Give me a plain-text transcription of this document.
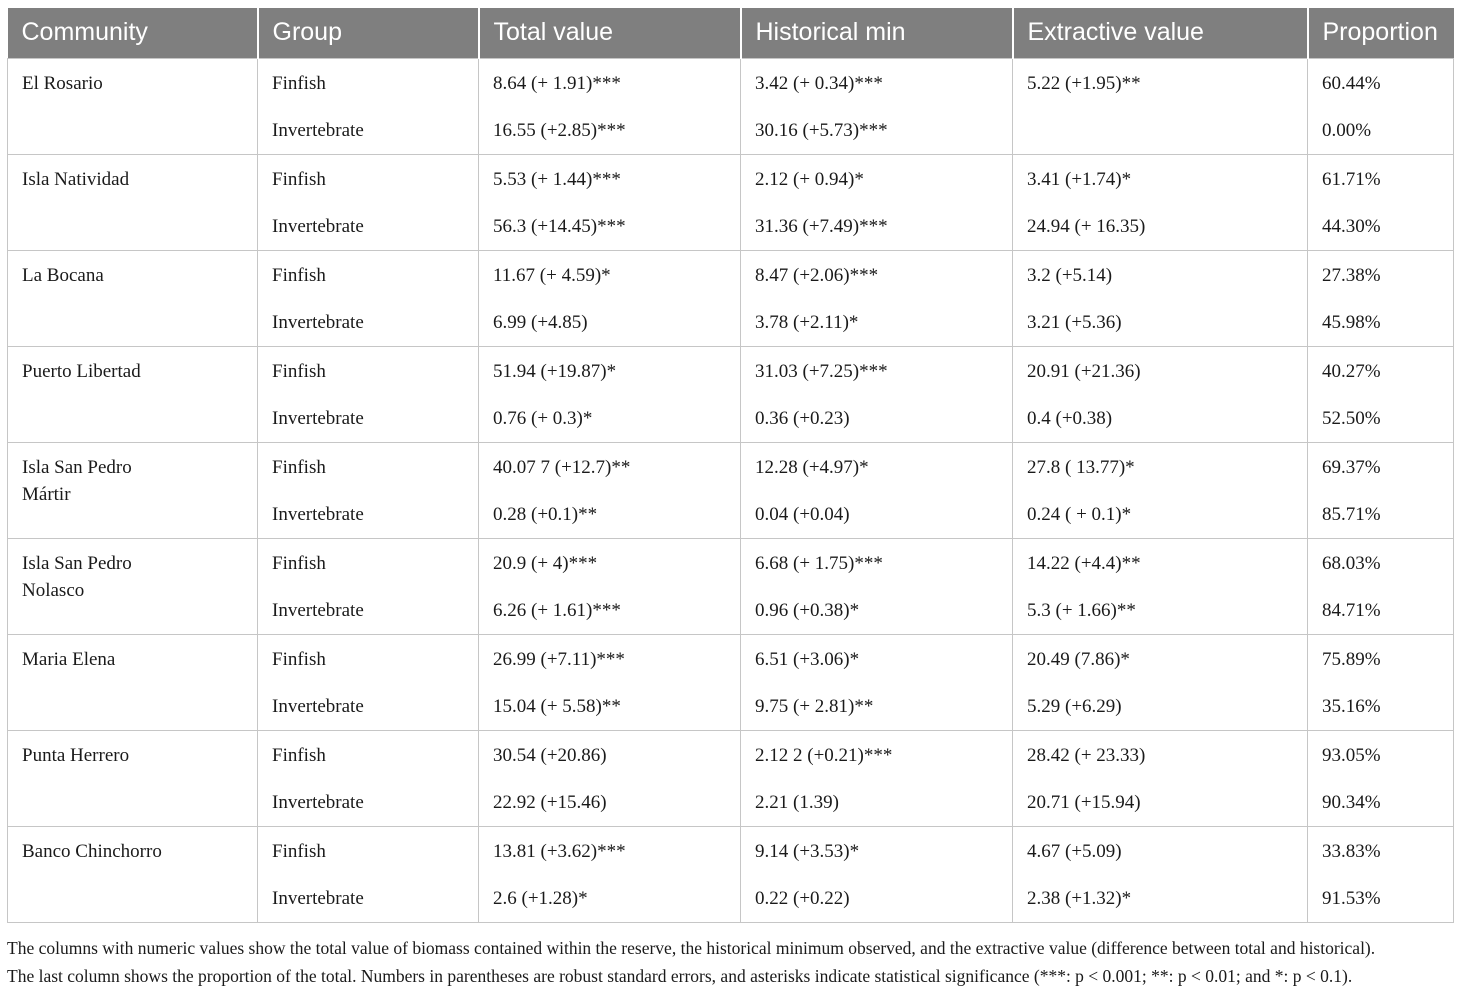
Community	Group	Total value	Historical min	Extractive value	Proportion

El Rosario	Finfish	8.64 (+ 1.91)***	3.42 (+ 0.34)***	5.22 (+1.95)**	60.44%

	Invertebrate	16.55 (+2.85)***	30.16 (+5.73)***		0.00%

Isla Natividad	Finfish	5.53 (+ 1.44)***	2.12 (+ 0.94)*	3.41 (+1.74)*	61.71%

	Invertebrate	56.3 (+14.45)***	31.36 (+7.49)***	24.94 (+ 16.35)	44.30%

La Bocana	Finfish	11.67 (+ 4.59)*	8.47 (+2.06)***	3.2 (+5.14)	27.38%

	Invertebrate	6.99 (+4.85)	3.78 (+2.11)*	3.21 (+5.36)	45.98%

Puerto Libertad	Finfish	51.94 (+19.87)*	31.03 (+7.25)***	20.91 (+21.36)	40.27%

	Invertebrate	0.76 (+ 0.3)*	0.36 (+0.23)	0.4 (+0.38)	52.50%

Isla San Pedro Mártir	Finfish	40.07 7 (+12.7)**	12.28 (+4.97)*	27.8 ( 13.77)*	69.37%

	Invertebrate	0.28 (+0.1)**	0.04 (+0.04)	0.24 ( + 0.1)*	85.71%

Isla San Pedro Nolasco	Finfish	20.9 (+ 4)***	6.68 (+ 1.75)***	14.22 (+4.4)**	68.03%

	Invertebrate	6.26 (+ 1.61)***	0.96 (+0.38)*	5.3 (+ 1.66)**	84.71%

Maria Elena	Finfish	26.99 (+7.11)***	6.51 (+3.06)*	20.49 (7.86)*	75.89%

	Invertebrate	15.04 (+ 5.58)**	9.75 (+ 2.81)**	5.29 (+6.29)	35.16%

Punta Herrero	Finfish	30.54 (+20.86)	2.12 2 (+0.21)***	28.42 (+ 23.33)	93.05%

	Invertebrate	22.92 (+15.46)	2.21 (1.39)	20.71 (+15.94)	90.34%

Banco Chinchorro	Finfish	13.81 (+3.62)***	9.14 (+3.53)*	4.67 (+5.09)	33.83%

	Invertebrate	2.6 (+1.28)*	0.22 (+0.22)	2.38 (+1.32)*	91.53%

The columns with numeric values show the total value of biomass contained within the reserve, the historical minimum observed, and the extractive value (difference between total and historical).

The last column shows the proportion of the total. Numbers in parentheses are robust standard errors, and asterisks indicate statistical significance (***: p < 0.001; **: p < 0.01; and *: p < 0.1).
